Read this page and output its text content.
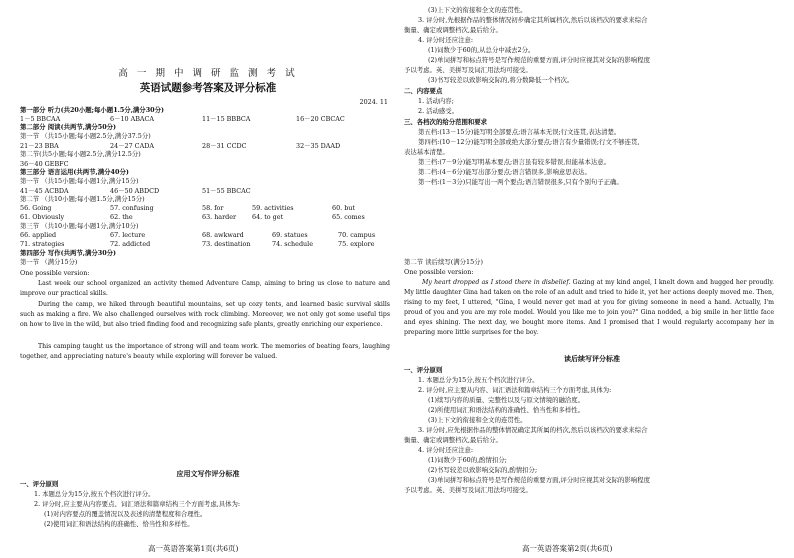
高 一 期 中 调 研 监 测 考 试
英语试题参考答案及评分标准
2024. 11
第一部分 听力(共20小题;每小题1.5分,满分30分)
1－5 BBCAA	6－10 ABACA	11－15 BBBCA	16－20 CBCAC
第二部分 阅读(共两节,满分50分)
第一节 （共15小题;每小题2.5分,满分37.5分)
21－23 BBA	24－27 CADA	28－31 CCDC	32－35 DAAD
第二节(共5小题;每小题2.5分,满分12.5分)
36－40 GEBFC
第三部分 语言运用(共两节,满分40分)
第一节 （共15小题;每小题1分,满分15分)
41－45 ACBDA	46－50 ABDCD	51－55 BBCAC
第二节 （共10小题;每小题1.5分,满分15分)
56. Going	57. confusing	58. for	59. activities	60. but
61. Obviously	62. the	63. harder 64. to get	65. comes
第三节 （共10小题;每小题1分,满分10分)
66. applied	67. lecture	68. awkward	69. statues	70. campus
71. strategies	72. addicted	73. destination	74. schedule	75. explore
第四部分 写作(共两节,满分30分)
第一节 （满分15分)
One possible version:
Last week our school organized an activity themed Adventure Camp, aiming to bring us close to nature and improve our practical skills.
During the camp, we hiked through beautiful mountains, set up cozy tents, and learned basic survival skills such as making a fire. We also challenged ourselves with rock climbing. Moreover, we not only got some useful tips on how to live in the wild, but also tried finding food and recognizing safe plants, greatly enriching our experience.
This camping taught us the importance of strong will and team work. The memories of beating fears, laughing together, and appreciating nature's beauty while exploring will forever be valued.
应用文写作评分标准
一、评分原则
1. 本题总分为15分,按五个档次进行评分。
2. 评分时,应主要从内容要点、词汇语法和篇章结构三个方面考虑,具体为:
(1)对内容要点的覆盖情况以及表述的清楚程度和合理性。
(2)使用词汇和语法结构的准确性、恰当性和多样性。
高一英语答案第1页(共6页)
(3)上下文的衔接和全文的连贯性。
3. 评分时,先根据作品的整体情况初步确定其所属档次,然后以该档次的要求来综合
衡量、确定或调整档次,最后给分。
4. 评分时还应注意:
(1)词数少于60的,从总分中减去2分。
(2)单词拼写和标点符号是写作规范的重要方面,评分时应视其对交际的影响程度
予以考虑。英、美拼写及词汇用法均可接受。
(3)书写较差以致影响交际的,将分数降低一个档次。
二、内容要点
1. 活动内容;
2. 活动感受。
三、各档次的给分范围和要求
第五档:(13－15分)能写明全部要点;语言基本无误;行文连贯,表达清楚。
第四档:(10－12分)能写明全部或绝大部分要点;语言有少量错误;行文不够连贯,
表达基本清楚。
第三档:(7－9分)能写明基本要点;语言虽有较多错误,但能基本达意。
第二档:(4－6分)能写出部分要点;语言错误多,影响意思表达。
第一档:(1－3分)只能写出一两个要点;语言错误很多,只有个别句子正确。
第二节 读后续写(满分15分)
One possible version:
My heart dropped as I stood there in disbelief. Gazing at my kind angel, I knelt down and hugged her proudly. My little daughter Gina had taken on the role of an adult and tried to hide it, yet her actions deeply moved me. Then, rising to my feet, I uttered, "Gina, I would never get mad at you for giving someone in need a hand. Actually, I'm proud of you and you are my role model. Would you like me to join you?" Gina nodded, a big smile in her little face and eyes shining. The next day, we bought more items. And I promised that I would regularly accompany her in preparing more little surprises for the boy.
读后续写评分标准
一、评分原则
1. 本题总分为15分,按五个档次进行评分。
2. 评分时,应主要从内容、词汇语法和篇章结构三个方面考虑,具体为:
(1)续写内容的质量、完整性以及与原文情境的融洽度。
(2)所使用词汇和语法结构的准确性、恰当性和多样性。
(3)上下文的衔接和全文的连贯性。
3. 评分时,应先根据作品的整体情况确定其所属的档次,然后以该档次的要求来综合
衡量、确定或调整档次,最后给分。
4. 评分时还应注意:
(1)词数少于60的,酌情扣分;
(2)书写较差以致影响交际的,酌情扣分;
(3)单词拼写和标点符号是写作规范的重要方面,评分时应视其对交际的影响程度
予以考虑。英、美拼写及词汇用法均可接受。
高一英语答案第2页(共6页)
